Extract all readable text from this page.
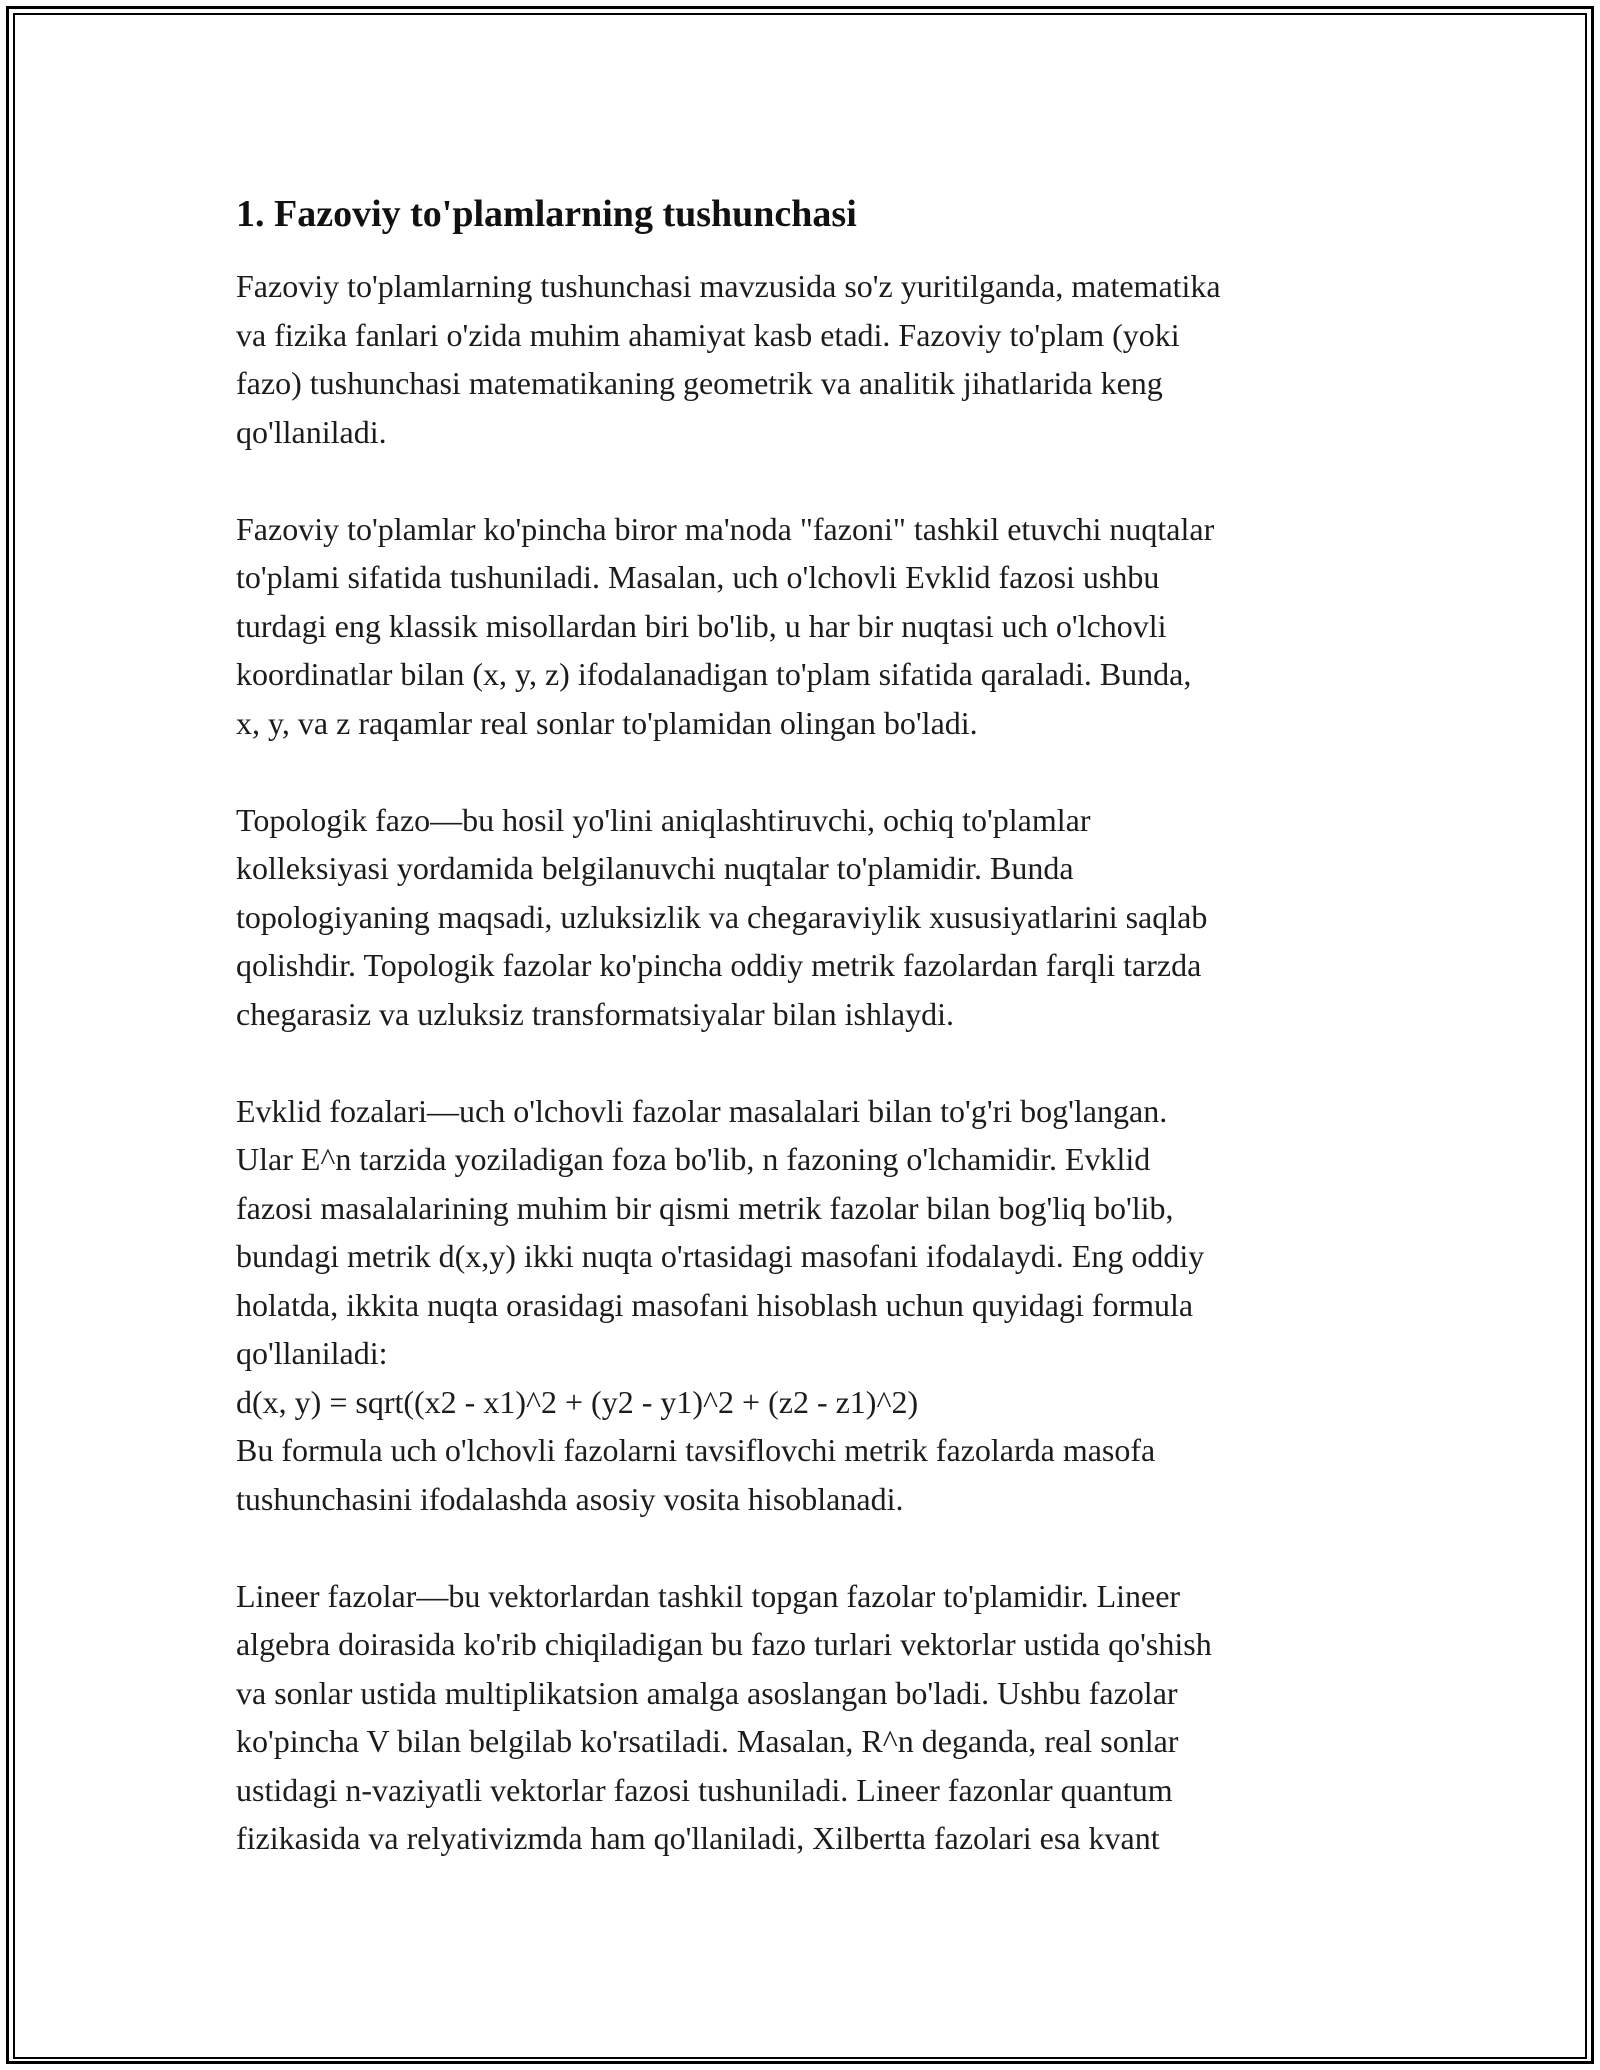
1. Fazoviy to'plamlarning tushunchasi

Fazoviy to'plamlarning tushunchasi mavzusida so'z yuritilganda, matematika
va fizika fanlari o'zida muhim ahamiyat kasb etadi. Fazoviy to'plam (yoki
fazo) tushunchasi matematikaning geometrik va analitik jihatlarida keng
qo'llaniladi.

Fazoviy to'plamlar ko'pincha biror ma'noda "fazoni" tashkil etuvchi nuqtalar
to'plami sifatida tushuniladi. Masalan, uch o'lchovli Evklid fazosi ushbu
turdagi eng klassik misollardan biri bo'lib, u har bir nuqtasi uch o'lchovli
koordinatlar bilan (x, y, z) ifodalanadigan to'plam sifatida qaraladi. Bunda,
x, y, va z raqamlar real sonlar to'plamidan olingan bo'ladi.

Topologik fazo—bu hosil yo'lini aniqlashtiruvchi, ochiq to'plamlar
kolleksiyasi yordamida belgilanuvchi nuqtalar to'plamidir. Bunda
topologiyaning maqsadi, uzluksizlik va chegaraviylik xususiyatlarini saqlab
qolishdir. Topologik fazolar ko'pincha oddiy metrik fazolardan farqli tarzda
chegarasiz va uzluksiz transformatsiyalar bilan ishlaydi.

Evklid fozalari—uch o'lchovli fazolar masalalari bilan to'g'ri bog'langan.
Ular E^n tarzida yoziladigan foza bo'lib, n fazoning o'lchamidir. Evklid
fazosi masalalarining muhim bir qismi metrik fazolar bilan bog'liq bo'lib,
bundagi metrik d(x,y) ikki nuqta o'rtasidagi masofani ifodalaydi. Eng oddiy
holatda, ikkita nuqta orasidagi masofani hisoblash uchun quyidagi formula
qo'llaniladi:
d(x, y) = sqrt((x2 - x1)^2 + (y2 - y1)^2 + (z2 - z1)^2)
Bu formula uch o'lchovli fazolarni tavsiflovchi metrik fazolarda masofa
tushunchasini ifodalashda asosiy vosita hisoblanadi.

Lineer fazolar—bu vektorlardan tashkil topgan fazolar to'plamidir. Lineer
algebra doirasida ko'rib chiqiladigan bu fazo turlari vektorlar ustida qo'shish
va sonlar ustida multiplikatsion amalga asoslangan bo'ladi. Ushbu fazolar
ko'pincha V bilan belgilab ko'rsatiladi. Masalan, R^n deganda, real sonlar
ustidagi n-vaziyatli vektorlar fazosi tushuniladi. Lineer fazonlar quantum
fizikasida va relyativizmda ham qo'llaniladi, Xilbertta fazolari esa kvant
